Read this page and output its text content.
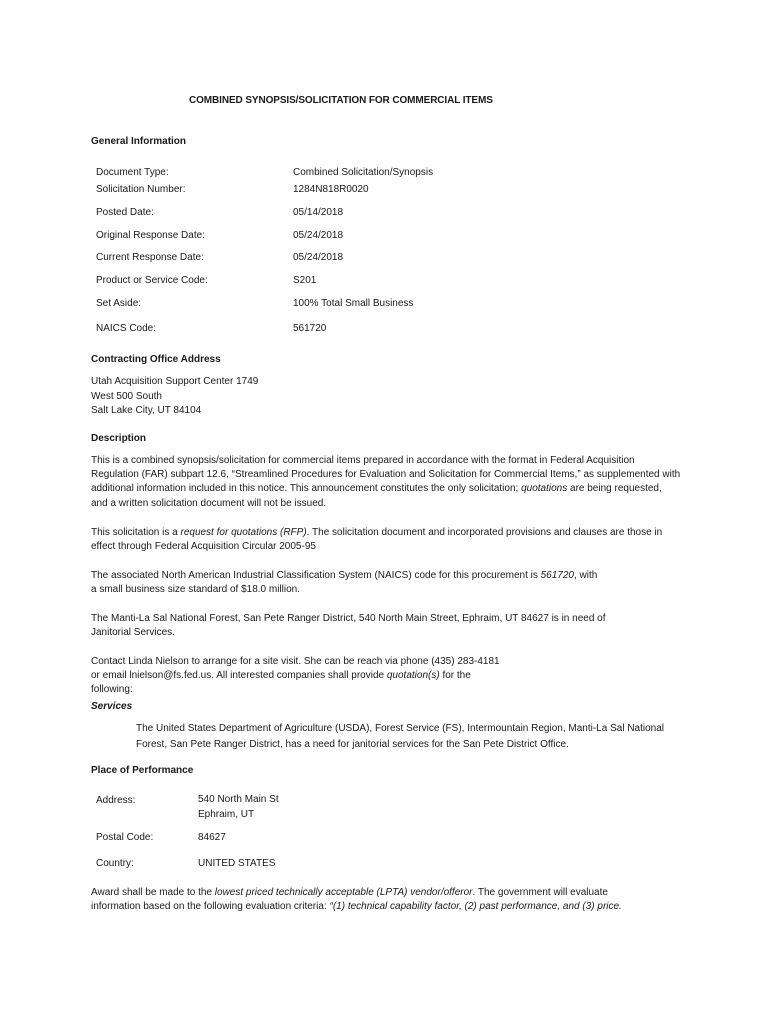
COMBINED SYNOPSIS/SOLICITATION FOR COMMERCIAL ITEMS
General Information
Document Type:	Combined Solicitation/Synopsis
Solicitation Number:	1284N818R0020
Posted Date:	05/14/2018
Original Response Date:	05/24/2018
Current Response Date:	05/24/2018
Product or Service Code:	S201
Set Aside:	100% Total Small Business
NAICS Code:	561720
Contracting Office Address
Utah Acquisition Support Center 1749
West 500 South
Salt Lake City, UT 84104
Description

This is a combined synopsis/solicitation for commercial items prepared in accordance with the format in Federal Acquisition Regulation (FAR) subpart 12.6, “Streamlined Procedures for Evaluation and Solicitation for Commercial Items,” as supplemented with additional information included in this notice. This announcement constitutes the only solicitation; quotations are being requested, and a written solicitation document will not be issued.

This solicitation is a request for quotations (RFP). The solicitation document and incorporated provisions and clauses are those in effect through Federal Acquisition Circular 2005-95

The associated North American Industrial Classification System (NAICS) code for this procurement is 561720, with a small business size standard of $18.0 million.

The Manti-La Sal National Forest, San Pete Ranger District, 540 North Main Street, Ephraim, UT 84627 is in need of Janitorial Services.

Contact Linda Nielson to arrange for a site visit. She can be reach via phone (435) 283-4181
or email lnielson@fs.fed.us. All interested companies shall provide quotation(s) for the
following:
Services
The United States Department of Agriculture (USDA), Forest Service (FS), Intermountain Region, Manti-La Sal National Forest, San Pete Ranger District, has a need for janitorial services for the San Pete District Office.
Place of Performance
Address:	540 North Main St
Ephraim, UT
Postal Code:	84627
Country:	UNITED STATES

Award shall be made to the lowest priced technically acceptable (LPTA) vendor/offeror. The government will evaluate information based on the following evaluation criteria: “(1) technical capability factor, (2) past performance, and (3) price.
